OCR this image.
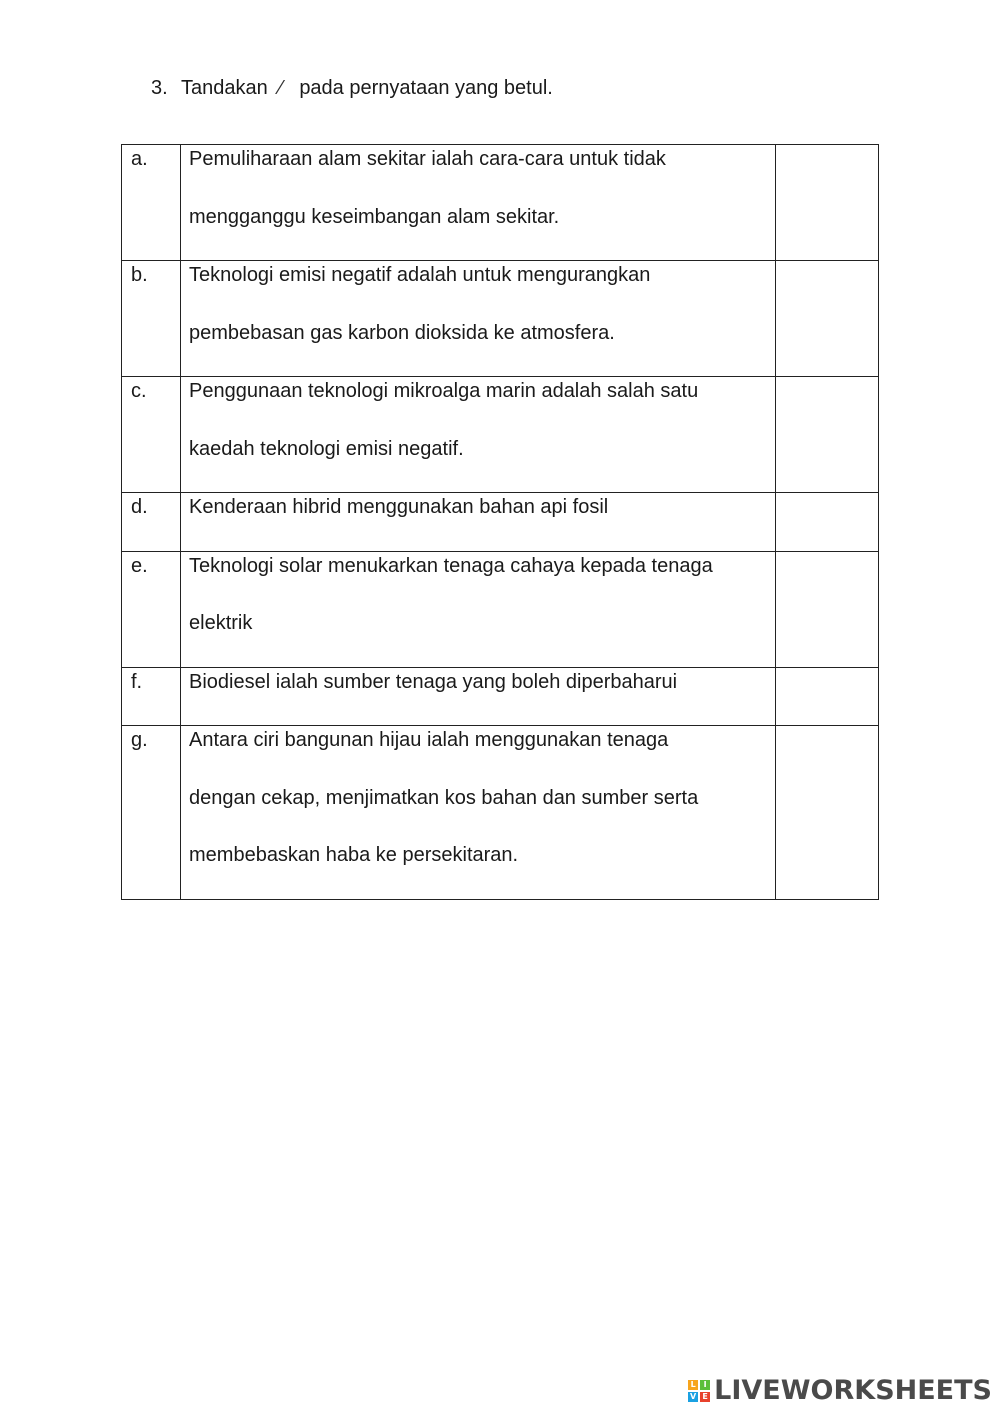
3. Tandakan ⁄ pada pernyataan yang betul.
a.	Pemuliharaan alam sekitar ialah cara-cara untuk tidak
mengganggu keseimbangan alam sekitar.	

b.	Teknologi emisi negatif adalah untuk mengurangkan
pembebasan gas karbon dioksida ke atmosfera.	

c.	Penggunaan teknologi mikroalga marin adalah salah satu
kaedah teknologi emisi negatif.	

d.	Kenderaan hibrid menggunakan bahan api fosil	

e.	Teknologi solar menukarkan tenaga cahaya kepada tenaga
elektrik	

f.	Biodiesel ialah sumber tenaga yang boleh diperbaharui	

g.	Antara ciri bangunan hijau ialah menggunakan tenaga
dengan cekap, menjimatkan kos bahan dan sumber serta
membebaskan haba ke persekitaran.	

L I
V E LIVEWORKSHEETS
